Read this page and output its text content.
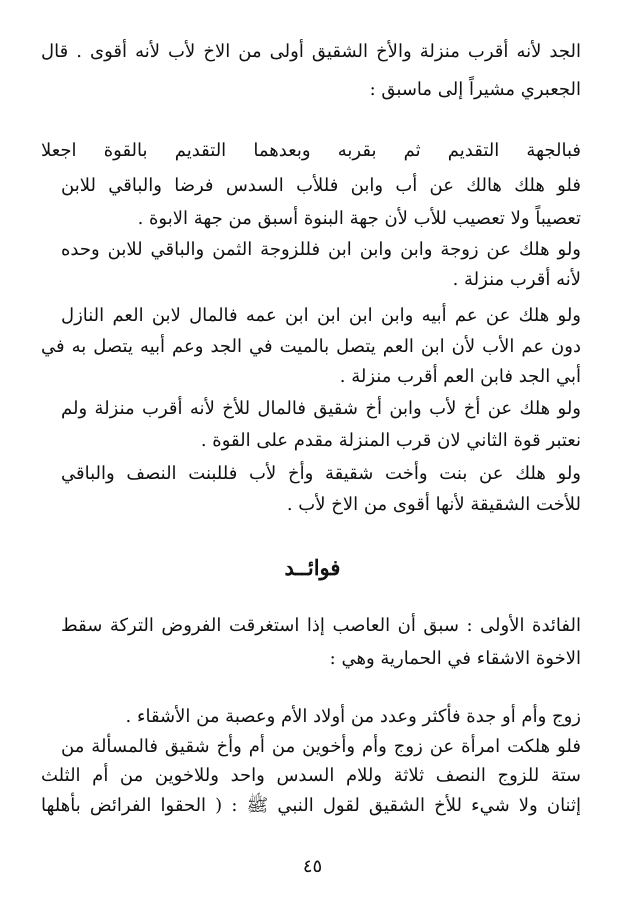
الجد لأنه أقرب منزلة والأخ الشقيق أولى من الاخ لأب لأنه أقوى . قال

الجعبري مشيراً إلى ماسبق :

فبالجهة التقديم ثم بقربه وبعدهما التقديم بالقوة اجعلا

فلو هلك هالك عن أب وابن فللأب السدس فرضا والباقي للابن

تعصيباً ولا تعصيب للأب لأن جهة البنوة أسبق من جهة الابوة .

ولو هلك عن زوجة وابن وابن ابن فللزوجة الثمن والباقي للابن وحده

لأنه أقرب منزلة .

ولو هلك عن عم أبيه وابن ابن ابن ابن عمه فالمال لابن العم النازل

دون عم الأب لأن ابن العم يتصل بالميت في الجد وعم أبيه يتصل به في

أبي الجد فابن العم أقرب منزلة .

ولو هلك عن أخ لأب وابن أخ شقيق فالمال للأخ لأنه أقرب منزلة ولم

نعتبر قوة الثاني لان قرب المنزلة مقدم على القوة .

ولو هلك عن بنت وأخت شقيقة وأخ لأب فللبنت النصف والباقي

للأخت الشقيقة لأنها أقوى من الاخ لأب .

فوائــد

الفائدة الأولى : سبق أن العاصب إذا استغرقت الفروض التركة سقط

الاخوة الاشقاء في الحمارية وهي :

زوج وأم أو جدة فأكثر وعدد من أولاد الأم وعصبة من الأشقاء .

فلو هلكت امرأة عن زوج وأم وأخوين من أم وأخ شقيق فالمسألة من

ستة للزوج النصف ثلاثة وللام السدس واحد وللاخوين من أم الثلث

إثنان ولا شيء للأخ الشقيق لقول النبي ﷺ : ( الحقوا الفرائض بأهلها

٤٥
